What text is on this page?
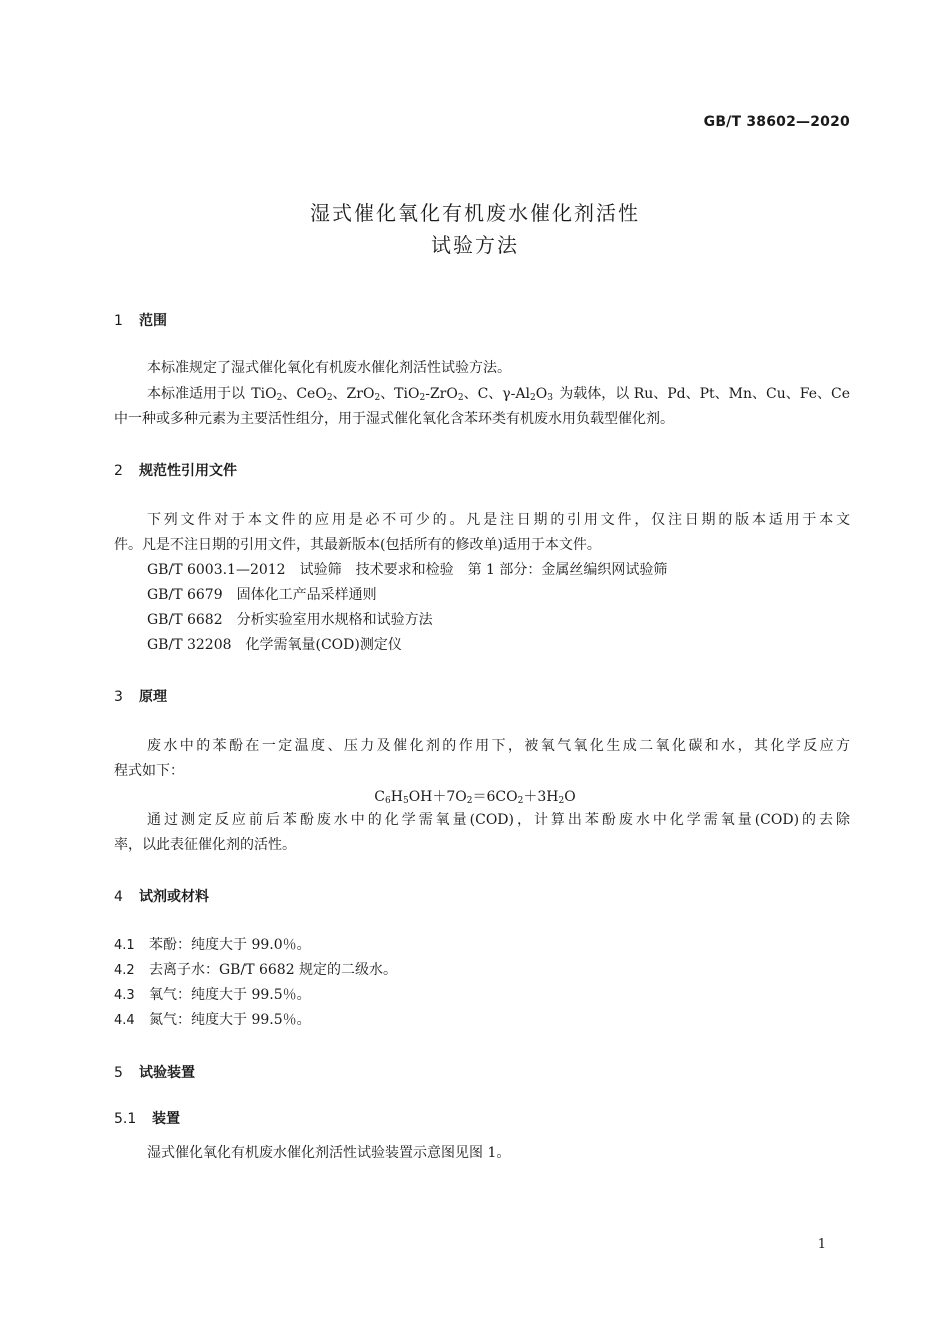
GB/T 38602—2020
湿式催化氧化有机废水催化剂活性
试验方法
1 范围
本标准规定了湿式催化氧化有机废水催化剂活性试验方法。
本标准适用于以 TiO$_2$、CeO$_2$、ZrO$_2$、TiO$_2$-ZrO$_2$、C、$\gamma-Al_2O_3$ 为载体，以 Ru、Pd、Pt、Mn、Cu、Fe、Ce
中一种或多种元素为主要活性组分，用于湿式催化氧化含苯环类有机废水用负载型催化剂。
2 规范性引用文件
下列文件对于本文件的应用是必不可少的。凡是注日期的引用文件，仅注日期的版本适用于本文
件。凡是不注日期的引用文件，其最新版本(包括所有的修改单)适用于本文件。
GB/T 6003.1—2012　试验筛　技术要求和检验　第 1 部分：金属丝编织网试验筛
GB/T 6679　固体化工产品采样通则
GB/T 6682　分析实验室用水规格和试验方法
GB/T 32208　化学需氧量(COD)测定仪
3 原理
废水中的苯酚在一定温度、压力及催化剂的作用下，被氧气氧化生成二氧化碳和水，其化学反应方
程式如下：
$C_6H_5OH+7O_2=6CO_2+3H_2O$
通过测定反应前后苯酚废水中的化学需氧量(COD)，计算出苯酚废水中化学需氧量(COD)的去除
率，以此表征催化剂的活性。
4 试剂或材料
4.1 苯酚：纯度大于 99.0％。
4.2 去离子水：GB/T 6682 规定的二级水。
4.3 氧气：纯度大于 99.5％。
4.4 氮气：纯度大于 99.5％。
5 试验装置
5.1 装置
湿式催化氧化有机废水催化剂活性试验装置示意图见图 1。
1
